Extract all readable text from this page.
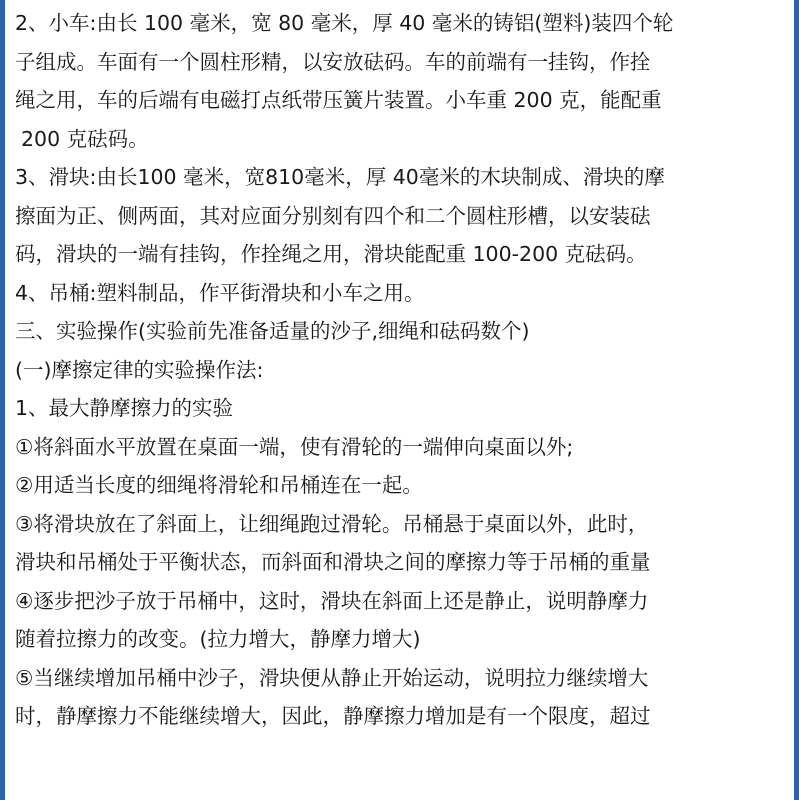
2、小车:由长 100 毫米，宽 80 毫米，厚 40 毫米的铸铝(塑料)装四个轮
子组成。车面有一个圆柱形精，以安放砝码。车的前端有一挂钩，作拴
绳之用，车的后端有电磁打点纸带压簧片装置。小车重 200 克，能配重
200 克砝码。
3、滑块:由长100 毫米，宽810毫米，厚 40毫米的木块制成、滑块的摩
擦面为正、侧两面，其对应面分别刻有四个和二个圆柱形槽，以安装砝
码，滑块的一端有挂钩，作拴绳之用，滑块能配重 100-200 克砝码。
4、吊桶:塑料制品，作平街滑块和小车之用。
三、实验操作(实验前先准备适量的沙子,细绳和砝码数个)
(一)摩擦定律的实验操作法:
1、最大静摩擦力的实验
①将斜面水平放置在桌面一端，使有滑轮的一端伸向桌面以外;
②用适当长度的细绳将滑轮和吊桶连在一起。
③将滑块放在了斜面上，让细绳跑过滑轮。吊桶悬于桌面以外，此时，
滑块和吊桶处于平衡状态，而斜面和滑块之间的摩擦力等于吊桶的重量
④逐步把沙子放于吊桶中，这时，滑块在斜面上还是静止，说明静摩力
随着拉擦力的改变。(拉力增大，静摩力增大)
⑤当继续增加吊桶中沙子，滑块便从静止开始运动，说明拉力继续增大
时，静摩擦力不能继续增大，因此，静摩擦力增加是有一个限度，超过
